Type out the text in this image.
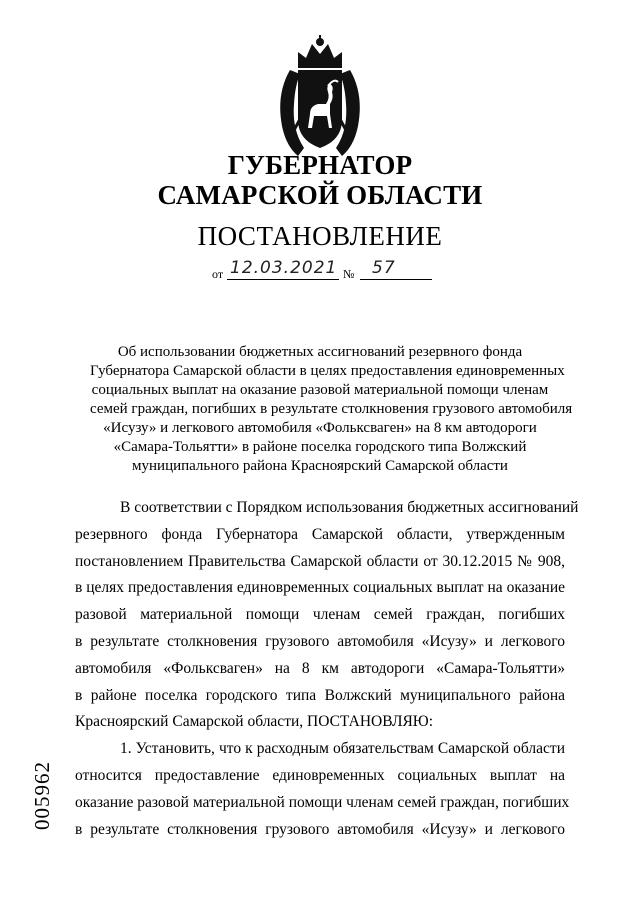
ГУБЕРНАТОР
САМАРСКОЙ ОБЛАСТИ
ПОСТАНОВЛЕНИЕ
от 12.03.2021 № 57
Об использовании бюджетных ассигнований резервного фонда
Губернатора Самарской области в целях предоставления единовременных
социальных выплат на оказание разовой материальной помощи членам
семей граждан, погибших в результате столкновения грузового автомобиля
«Исузу» и легкового автомобиля «Фольксваген» на 8 км автодороги
«Самара-Тольятти» в районе поселка городского типа Волжский
муниципального района Красноярский Самарской области
В соответствии с Порядком использования бюджетных ассигнований
резервного фонда Губернатора Самарской области, утвержденным
постановлением Правительства Самарской области от 30.12.2015 № 908,
в целях предоставления единовременных социальных выплат на оказание
разовой материальной помощи членам семей граждан, погибших
в результате столкновения грузового автомобиля «Исузу» и легкового
автомобиля «Фольксваген» на 8 км автодороги «Самара-Тольятти»
в районе поселка городского типа Волжский муниципального района
Красноярский Самарской области, ПОСТАНОВЛЯЮ:
1. Установить, что к расходным обязательствам Самарской области
относится предоставление единовременных социальных выплат на
оказание разовой материальной помощи членам семей граждан, погибших
в результате столкновения грузового автомобиля «Исузу» и легкового
005962
